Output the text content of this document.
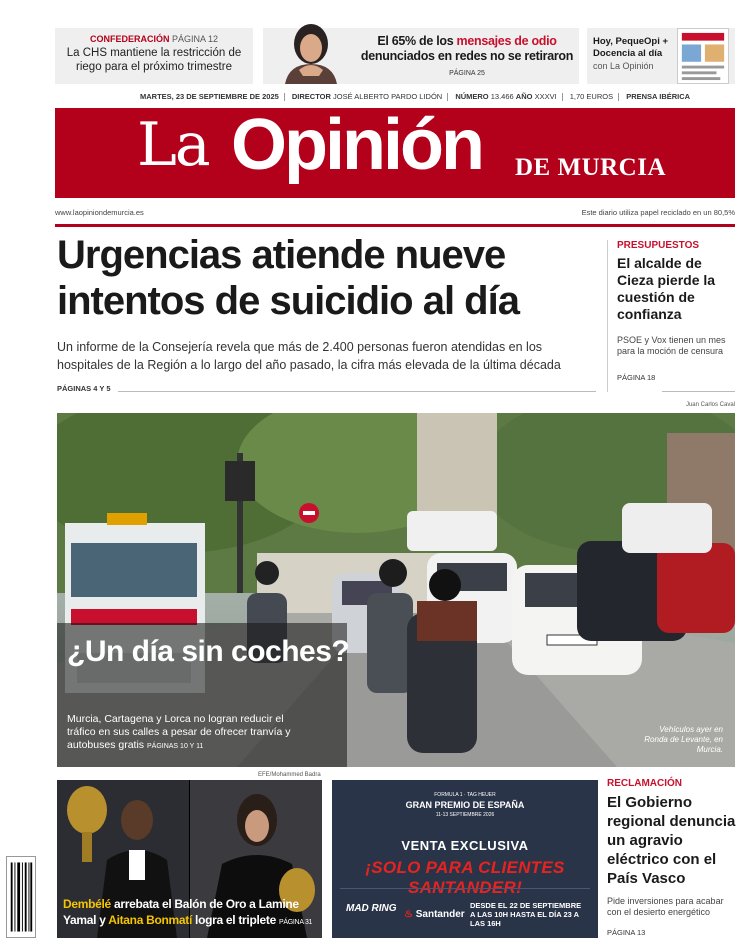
CONFEDERACIÓN PÁGINA 12
La CHS mantiene la restricción de riego para el próximo trimestre
El 65% de los mensajes de odio denunciados en redes no se retiraron
PÁGINA 25
Hoy, PequeOpi + Docencia al día
con La Opinión
MARTES, 23 DE SEPTIEMBRE DE 2025 DIRECTOR JOSÉ ALBERTO PARDO LIDÓN NÚMERO 13.466 AÑO XXXVI 1,70 EUROS PRENSA IBÉRICA
La Opinión DE MURCIA
www.laopiniondemurcia.es	Este diario utiliza papel reciclado en un 80,5%
Urgencias atiende nueve intentos de suicidio al día

Un informe de la Consejería revela que más de 2.400 personas fueron atendidas en los hospitales de la Región a lo largo del año pasado, la cifra más elevada de la última década

PÁGINAS 4 Y 5
PRESUPUESTOS
El alcalde de Cieza pierde la cuestión de confianza
PSOE y Vox tienen un mes para la moción de censura
PÁGINA 18
Juan Carlos Caval
¿Un día sin coches?
Murcia, Cartagena y Lorca no logran reducir el tráfico en sus calles a pesar de ofrecer tranvía y autobuses gratis PÁGINAS 10 Y 11
Vehículos ayer en Ronda de Levante, en Murcia.
Dembélé arrebata el Balón de Oro a Lamine Yamal y Aitana Bonmatí logra el triplete PÁGINA 31
EFE/Mohammed Badra
FORMULA 1 · TAG HEUER
GRAN PREMIO DE ESPAÑA
11-13 SEPTIEMBRE 2026
VENTA EXCLUSIVA
¡SOLO PARA CLIENTES SANTANDER!
MAD RING
♨ Santander
DESDE EL 22 DE SEPTIEMBRE A LAS 10H HASTA EL DÍA 23 A LAS 16H
RECLAMACIÓN
El Gobierno regional denuncia un agravio eléctrico con el País Vasco
Pide inversiones para acabar con el desierto energético
PÁGINA 13
